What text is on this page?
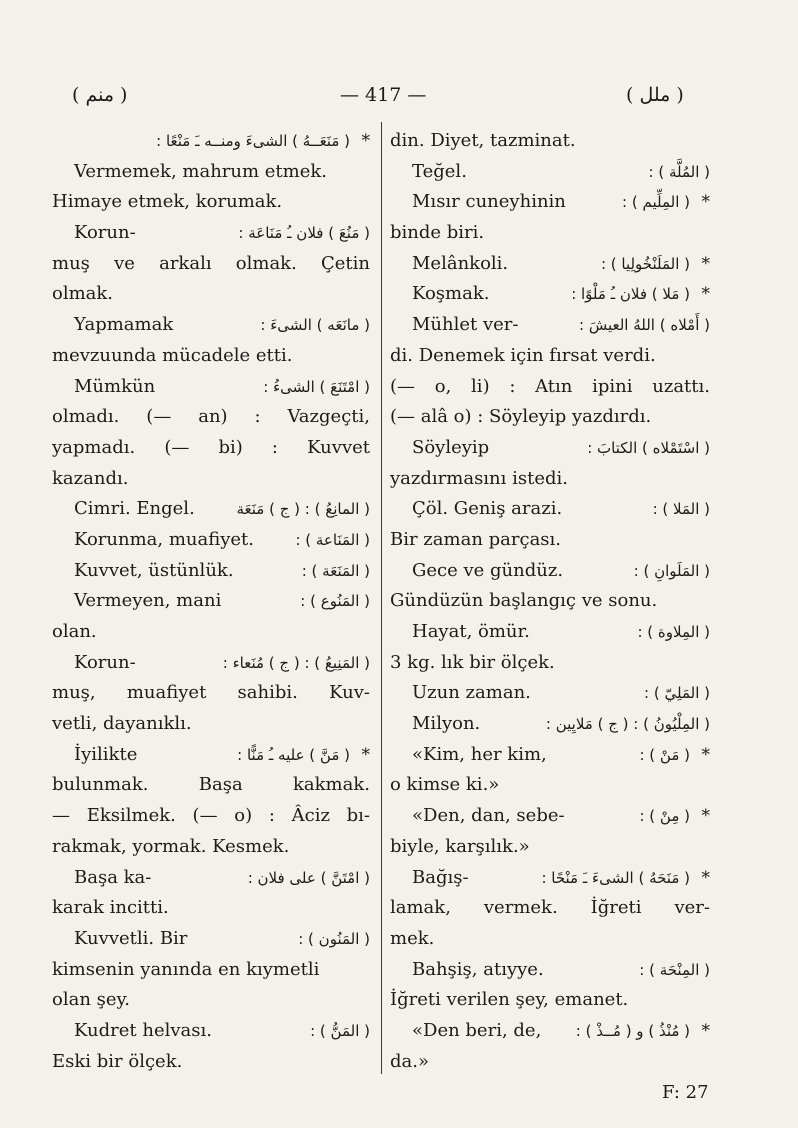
( منم )	— 417 —	( ملل )
( مَنَعَــهُ ) الشیءَ ومنــه ـَ مَنْعًا : *
Vermemek, mahrum etmek.
Himaye etmek, korumak.
Korun-	( مَنُعَ ) فلان ـُ مَنَاعَة :
muş ve arkalı olmak. Çetin
olmak.
Yapmamak	( مانَعَه ) الشیءَ :
mevzuunda mücadele etti.
Mümkün	( امْتَنَعَ ) الشیءُ :
olmadı. (— an) : Vazgeçti,
yapmadı. (— bi) : Kuvvet
kazandı.
Cimri. Engel.	( المانِعُ ) : ( ج ) مَنَعَة
Korunma, muafiyet.	( المَنَاعة ) :
Kuvvet, üstünlük.	( المَنَعَة ) :
Vermeyen, mani	( المَنُوع ) :
olan.
Korun-	( المَنِيعُ ) : ( ج ) مُنَعاء :
muş, muafiyet sahibi. Kuv-
vetli, dayanıklı.
İyilikte	( مَنَّ ) علیه ـُ مَنًّا : *
bulunmak. Başa kakmak.
— Eksilmek. (— o) : Âciz bı-
rakmak, yormak. Kesmek.
Başa ka-	( امْتَنَّ ) علی فلان :
karak incitti.
Kuvvetli. Bir	( المَنُون ) :
kimsenin yanında en kıymetli
olan şey.
Kudret helvası.	( المَنُّ ) :
Eski bir ölçek.
din. Diyet, tazminat.
Teğel.	( المُلَّة ) :
Mısır cuneyhinin	( المِلِّيم ) : *
binde biri.
Melânkoli.	( المَلَنْخُولِیا ) : *
Koşmak.	( مَلا ) فلان ـُ مَلْوًا : *
Mühlet ver-	( أَمْلاه ) اللهُ العیشَ :
di. Denemek için fırsat verdi.
(— o, li) : Atın ipini uzattı.
(— alâ o) : Söyleyip yazdırdı.
Söyleyip	( اسْتَمْلاه ) الكتابَ :
yazdırmasını istedi.
Çöl. Geniş arazi.	( المَلا ) :
Bir zaman parçası.
Gece ve gündüz.	( المَلَوانِ ) :
Gündüzün başlangıç ve sonu.
Hayat, ömür.	( المِلاوة ) :
3 kg. lık bir ölçek.
Uzun zaman.	( المَلِيّ ) :
Milyon.	( المِلْيُونُ ) : ( ج ) مَلايِين :
«Kim, her kim,	( مَنْ ) : *
o kimse ki.»
«Den, dan, sebe-	( مِنْ ) : *
biyle, karşılık.»
Bağış-	( مَنَحَهُ ) الشیءَ ـَ مَنْحًا : *
lamak, vermek. İğreti ver-
mek.
Bahşiş, atıyye.	( المِنْحَة ) :
İğreti verilen şey, emanet.
«Den beri, de, ( مُنْذُ ) و ( مُــذْ ) : *
da.»
F: 27
